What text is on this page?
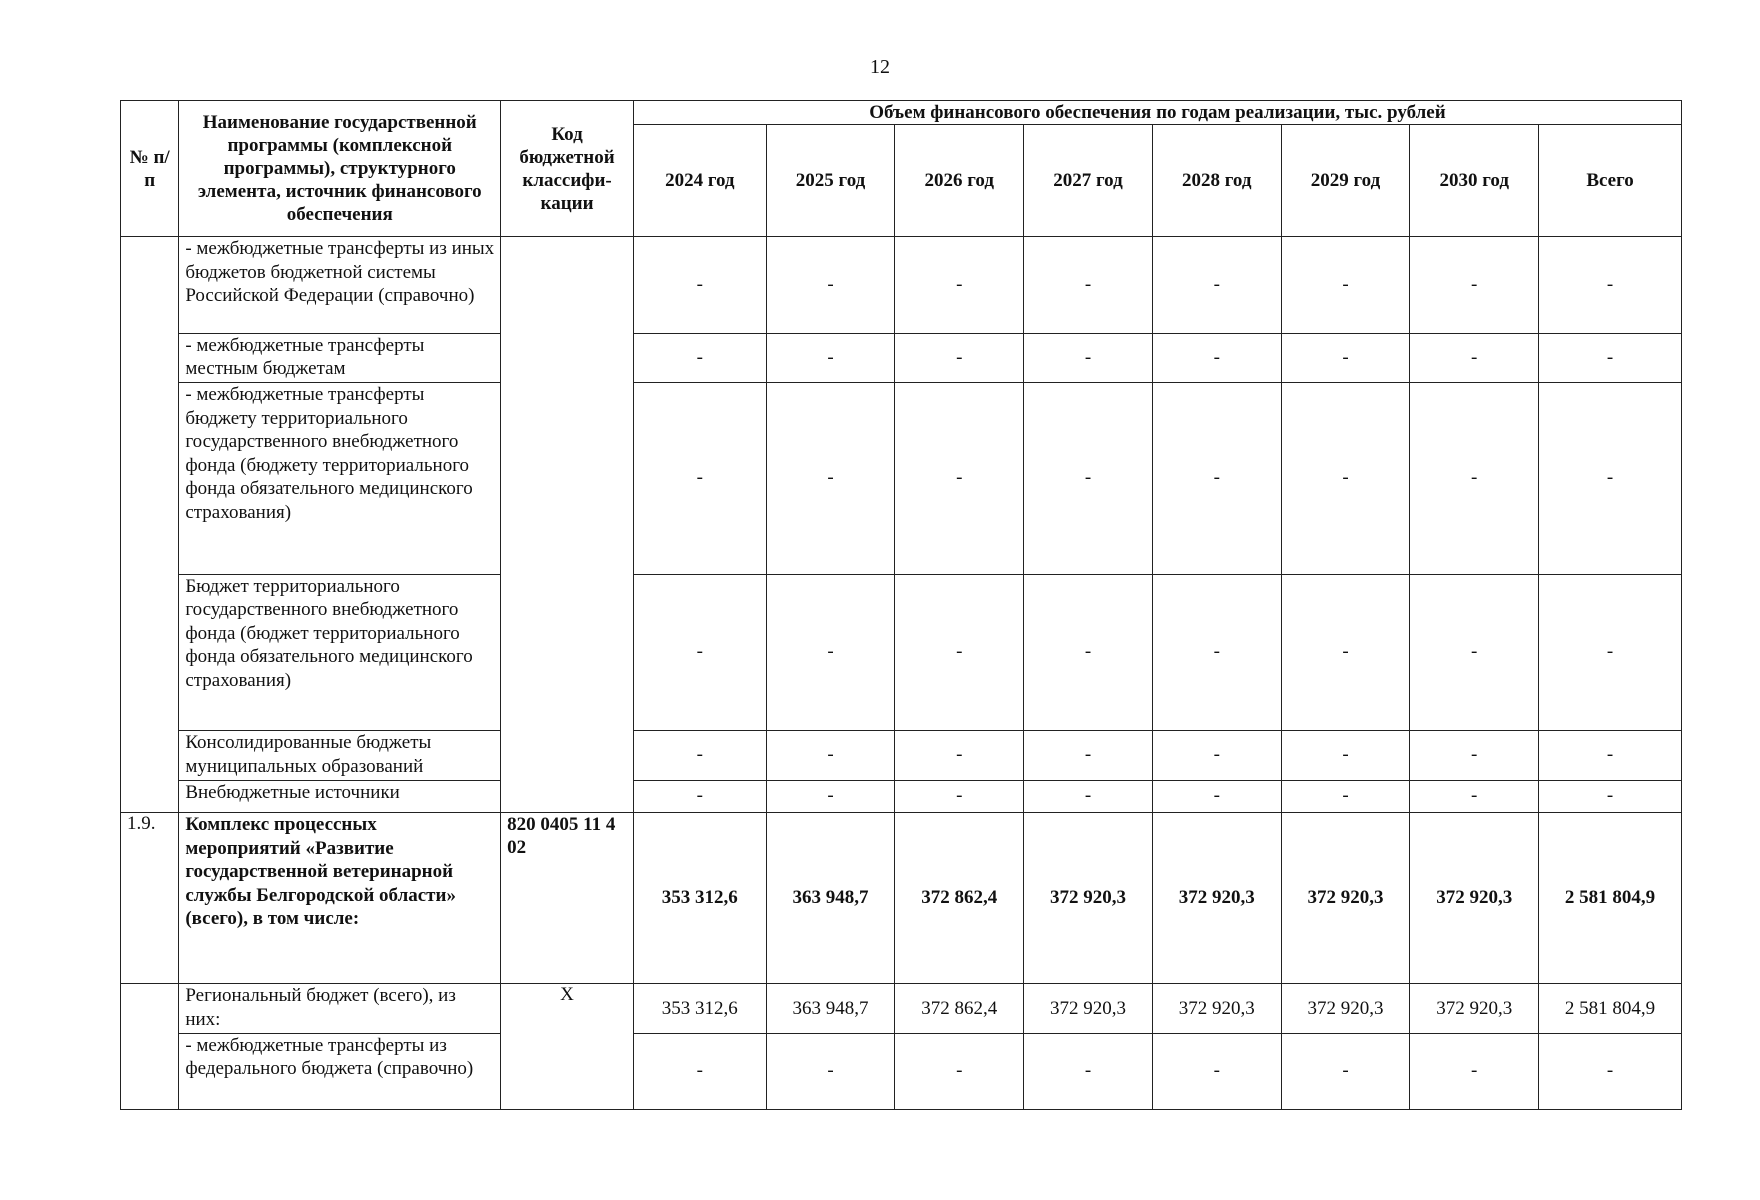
12
№ п/п	Наименование государственной программы (комплексной программы), структурного элемента, источник финансового обеспечения	Код бюджетной классифи-кации	Объем финансового обеспечения по годам реализации, тыс. рублей							
			2024 год	2025 год	2026 год	2027 год	2028 год	2029 год	2030 год	Всего
	- межбюджетные трансферты из иных бюджетов бюджетной системы Российской Федерации (справочно)		-	-	-	-	-	-	-	-
	- межбюджетные трансферты местным бюджетам		-	-	-	-	-	-	-	-
	- межбюджетные трансферты бюджету территориального государственного внебюджетного фонда (бюджету территориального фонда обязательного медицинского страхования)		-	-	-	-	-	-	-	-
	Бюджет территориального государственного внебюджетного фонда (бюджет территориального фонда обязательного медицинского страхования)		-	-	-	-	-	-	-	-
	Консолидированные бюджеты муниципальных образований		-	-	-	-	-	-	-	-
	Внебюджетные источники		-	-	-	-	-	-	-	-
1.9.	Комплекс процессных мероприятий «Развитие государственной ветеринарной службы Белгородской области» (всего), в том числе:	820 0405 11 4 02	353 312,6	363 948,7	372 862,4	372 920,3	372 920,3	372 920,3	372 920,3	2 581 804,9
	Региональный бюджет (всего), из них:	Х	353 312,6	363 948,7	372 862,4	372 920,3	372 920,3	372 920,3	372 920,3	2 581 804,9
	- межбюджетные трансферты из федерального бюджета (справочно)		-	-	-	-	-	-	-	-
